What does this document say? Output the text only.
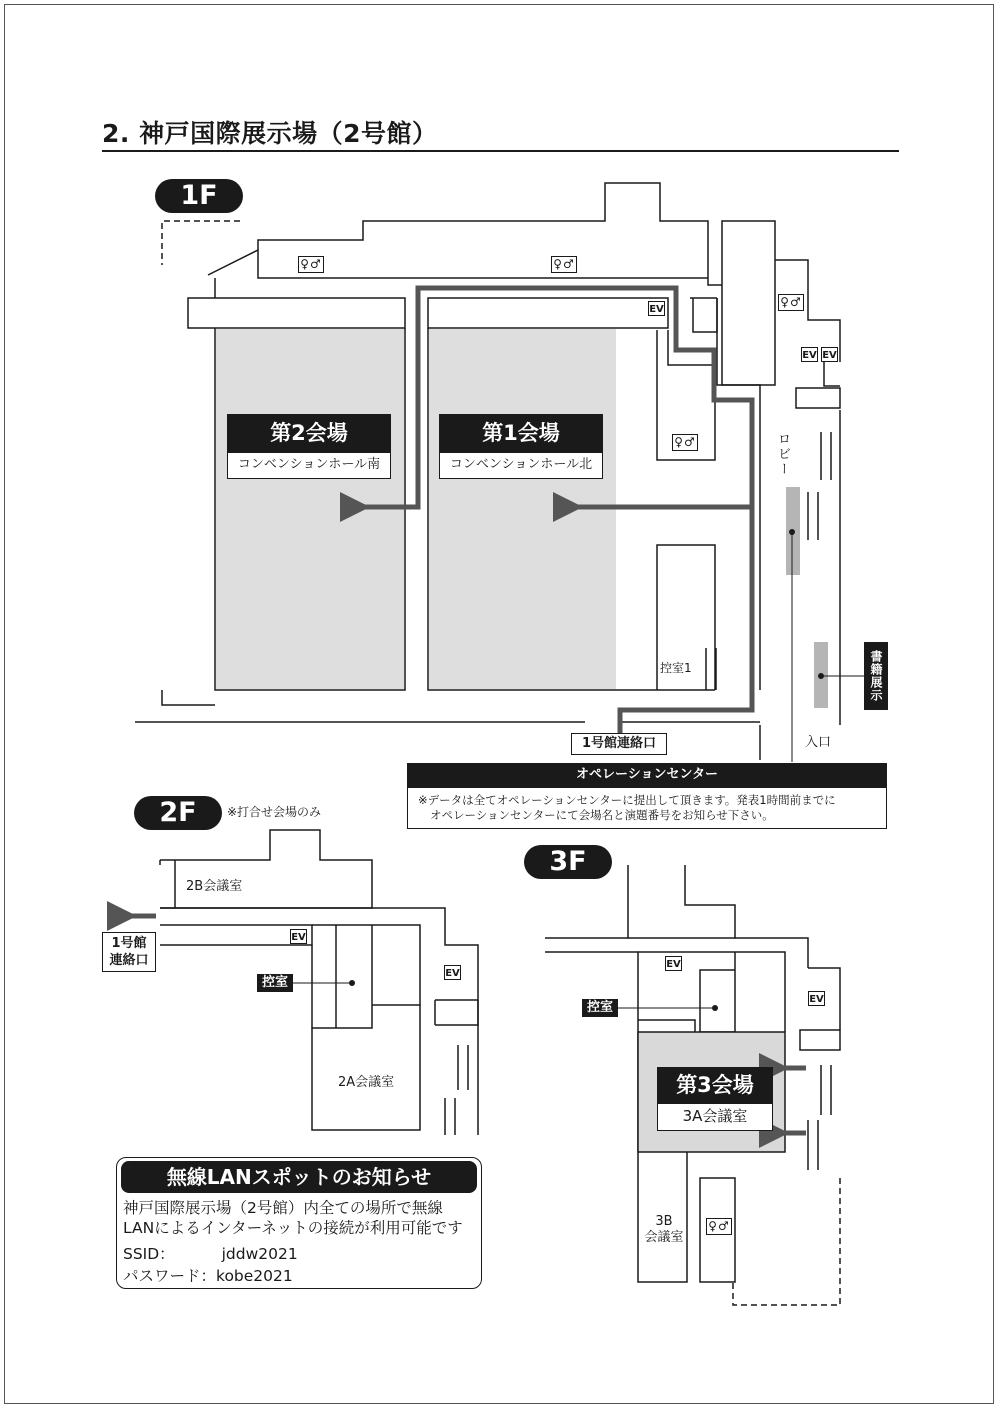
2. 神戸国際展示場（2号館）
1F
2F
3F
※打合せ会場のみ
第2会場
コンベンションホール南
第1会場
コンベンションホール北
EV
EV EV
♀♂	♀♂
♀♂
♀♂
控室1
ロビー
入口
1号館連絡口
書籍展示
オペレーションセンター
※データは全てオペレーションセンターに提出して頂きます。発表1時間前までに
オペレーションセンターにて会場名と演題番号をお知らせ下さい。
2B会議室
2A会議室
控室
1号館
連絡口
EV
EV
第3会場
3A会議室
控室
3B
会議室
EV
EV
♀♂
無線LANスポットのお知らせ
神戸国際展示場（2号館）内全ての場所で無線
LANによるインターネットの接続が利用可能です
SSID：	jddw2021
パスワード：kobe2021
